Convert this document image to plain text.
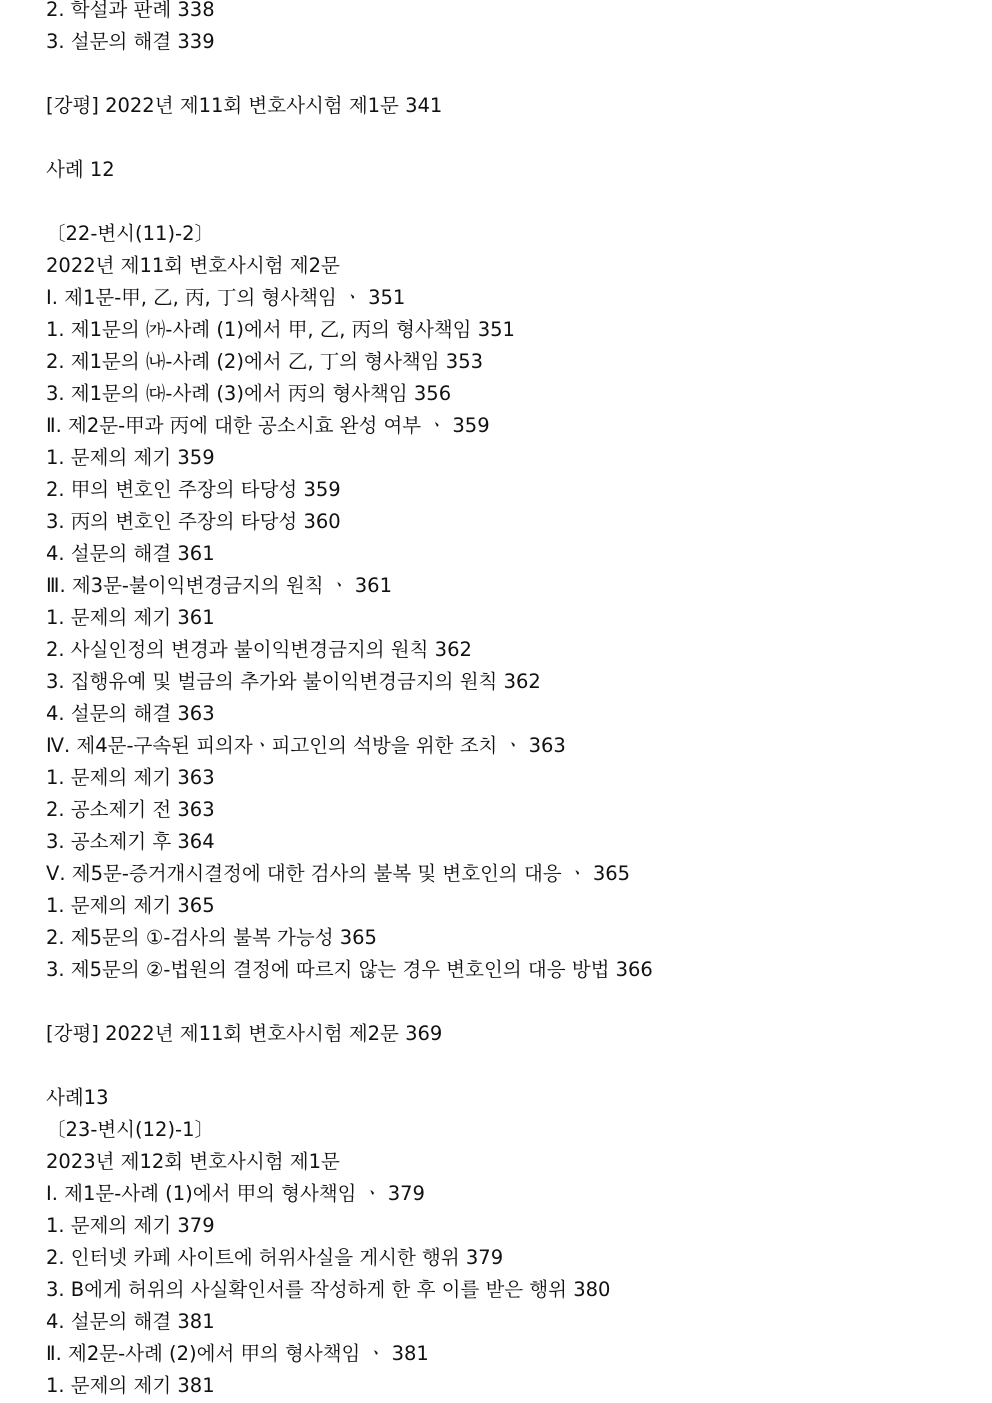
2. 학설과 판례 338
3. 설문의 해결 339
[강평] 2022년 제11회 변호사시험 제1문 341
사례 12
〔22-변시(11)-2〕
2022년 제11회 변호사시험 제2문
Ⅰ. 제1문-甲, 乙, 丙, 丁의 형사책임 ㆍ 351
1. 제1문의 ㈎-사례 (1)에서 甲, 乙, 丙의 형사책임 351
2. 제1문의 ㈏-사례 (2)에서 乙, 丁의 형사책임 353
3. 제1문의 ㈐-사례 (3)에서 丙의 형사책임 356
Ⅱ. 제2문-甲과 丙에 대한 공소시효 완성 여부 ㆍ 359
1. 문제의 제기 359
2. 甲의 변호인 주장의 타당성 359
3. 丙의 변호인 주장의 타당성 360
4. 설문의 해결 361
Ⅲ. 제3문-불이익변경금지의 원칙 ㆍ 361
1. 문제의 제기 361
2. 사실인정의 변경과 불이익변경금지의 원칙 362
3. 집행유예 및 벌금의 추가와 불이익변경금지의 원칙 362
4. 설문의 해결 363
Ⅳ. 제4문-구속된 피의자ㆍ피고인의 석방을 위한 조치 ㆍ 363
1. 문제의 제기 363
2. 공소제기 전 363
3. 공소제기 후 364
Ⅴ. 제5문-증거개시결정에 대한 검사의 불복 및 변호인의 대응 ㆍ 365
1. 문제의 제기 365
2. 제5문의 ①-검사의 불복 가능성 365
3. 제5문의 ②-법원의 결정에 따르지 않는 경우 변호인의 대응 방법 366
[강평] 2022년 제11회 변호사시험 제2문 369
사례13
〔23-변시(12)-1〕
2023년 제12회 변호사시험 제1문
Ⅰ. 제1문-사례 (1)에서 甲의 형사책임 ㆍ 379
1. 문제의 제기 379
2. 인터넷 카페 사이트에 허위사실을 게시한 행위 379
3. B에게 허위의 사실확인서를 작성하게 한 후 이를 받은 행위 380
4. 설문의 해결 381
Ⅱ. 제2문-사례 (2)에서 甲의 형사책임 ㆍ 381
1. 문제의 제기 381
